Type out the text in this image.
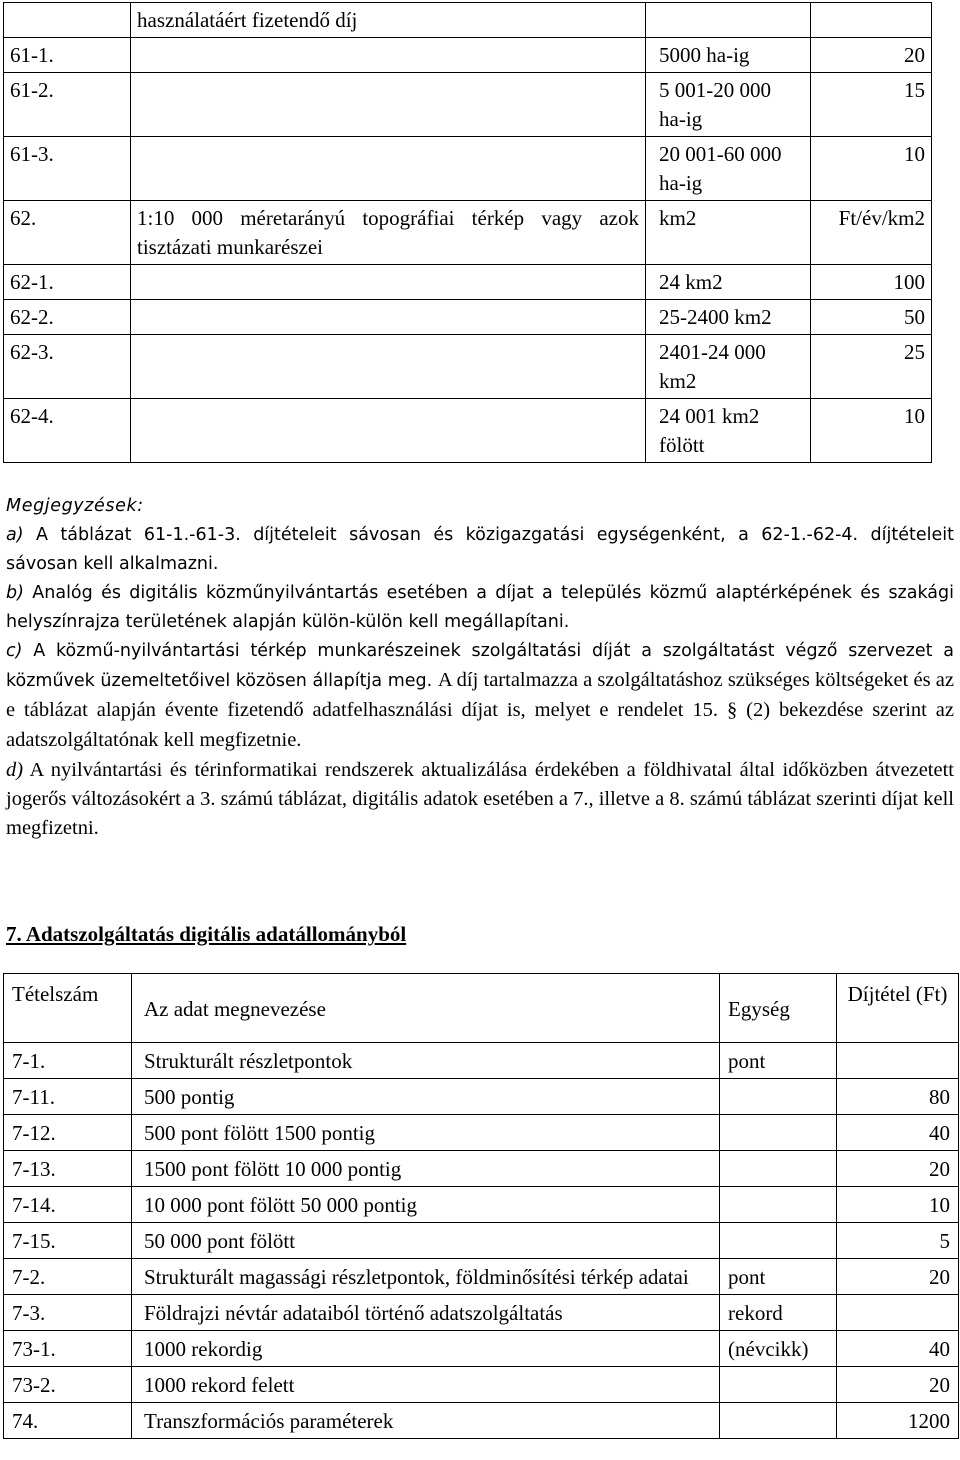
	használatáért fizetendő díj		
61-1.		5000 ha-ig	20
61-2.		5 001-20 000 ha-ig	15
61-3.		20 001-60 000 ha-ig	10
62.	1:10 000 méretarányú topográfiai térkép vagy azok tisztázati munkarészei	km2	Ft/év/km2
62-1.		24 km2	100
62-2.		25-2400 km2	50
62-3.		2401-24 000 km2	25
62-4.		24 001 km2 fölött	10

Megjegyzések:

a) A táblázat 61-1.-61-3. díjtételeit sávosan és közigazgatási egységenként, a 62-1.-62-4. díjtételeit sávosan kell alkalmazni.

b) Analóg és digitális közműnyilvántartás esetében a díjat a település közmű alaptérképének és szakági helyszínrajza területének alapján külön-külön kell megállapítani.

c) A közmű-nyilvántartási térkép munkarészeinek szolgáltatási díját a szolgáltatást végző szervezet a közművek üzemeltetőivel közösen állapítja meg. A díj tartalmazza a szolgáltatáshoz szükséges költségeket és az e táblázat alapján évente fizetendő adatfelhasználási díjat is, melyet e rendelet 15. § (2) bekezdése szerint az adatszolgáltatónak kell megfizetnie.

d) A nyilvántartási és térinformatikai rendszerek aktualizálása érdekében a földhivatal által időközben átvezetett jogerős változásokért a 3. számú táblázat, digitális adatok esetében a 7., illetve a 8. számú táblázat szerinti díjat kell megfizetni.

7. Adatszolgáltatás digitális adatállományból
Tételszám	Az adat megnevezése	Egység	Díjtétel (Ft)
7-1.	Strukturált részletpontok	pont	
7-11.	500 pontig		80
7-12.	500 pont fölött 1500 pontig		40
7-13.	1500 pont fölött 10 000 pontig		20
7-14.	10 000 pont fölött 50 000 pontig		10
7-15.	50 000 pont fölött		5
7-2.	Strukturált magassági részletpontok, földminősítési térkép adatai	pont	20
7-3.	Földrajzi névtár adataiból történő adatszolgáltatás	rekord	
73-1.	1000 rekordig	(névcikk)	40
73-2.	1000 rekord felett		20
74.	Transzformációs paraméterek		1200
